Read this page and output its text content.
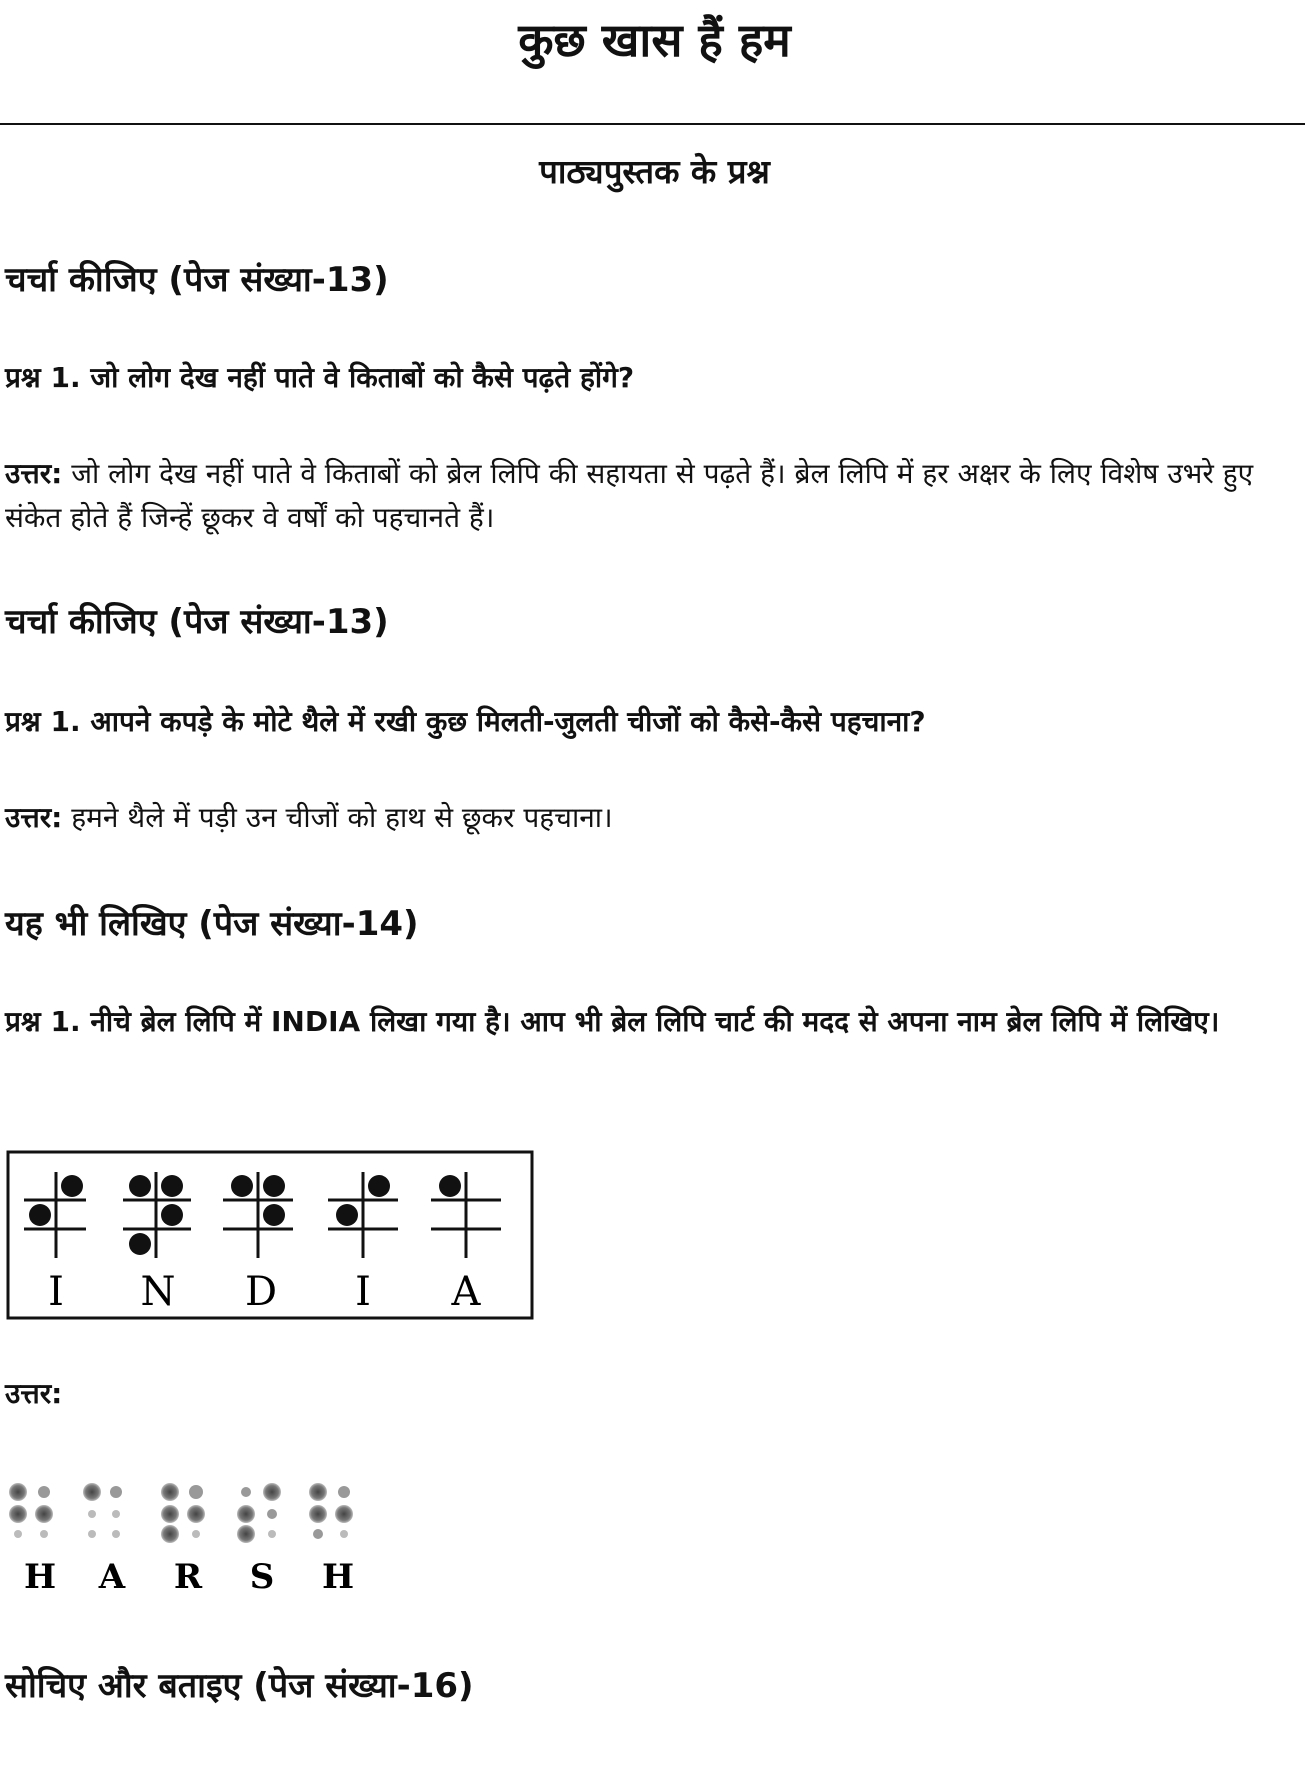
कुछ खास हैं हम
पाठ्यपुस्तक के प्रश्न
चर्चा कीजिए (पेज संख्या-13)
प्रश्न 1. जो लोग देख नहीं पाते वे किताबों को कैसे पढ़ते होंगे?
उत्तर: जो लोग देख नहीं पाते वे किताबों को ब्रेल लिपि की सहायता से पढ़ते हैं। ब्रेल लिपि में हर अक्षर के लिए विशेष उभरे हुए संकेत होते हैं जिन्हें छूकर वे वर्षों को पहचानते हैं।
चर्चा कीजिए (पेज संख्या-13)
प्रश्न 1. आपने कपड़े के मोटे थैले में रखी कुछ मिलती-जुलती चीजों को कैसे-कैसे पहचाना?
उत्तर: हमने थैले में पड़ी उन चीजों को हाथ से छूकर पहचाना।
यह भी लिखिए (पेज संख्या-14)
प्रश्न 1. नीचे ब्रेल लिपि में INDIA लिखा गया है। आप भी ब्रेल लिपि चार्ट की मदद से अपना नाम ब्रेल लिपि में लिखिए।
I N D I A
उत्तर:
H A R S H
सोचिए और बताइए (पेज संख्या-16)
